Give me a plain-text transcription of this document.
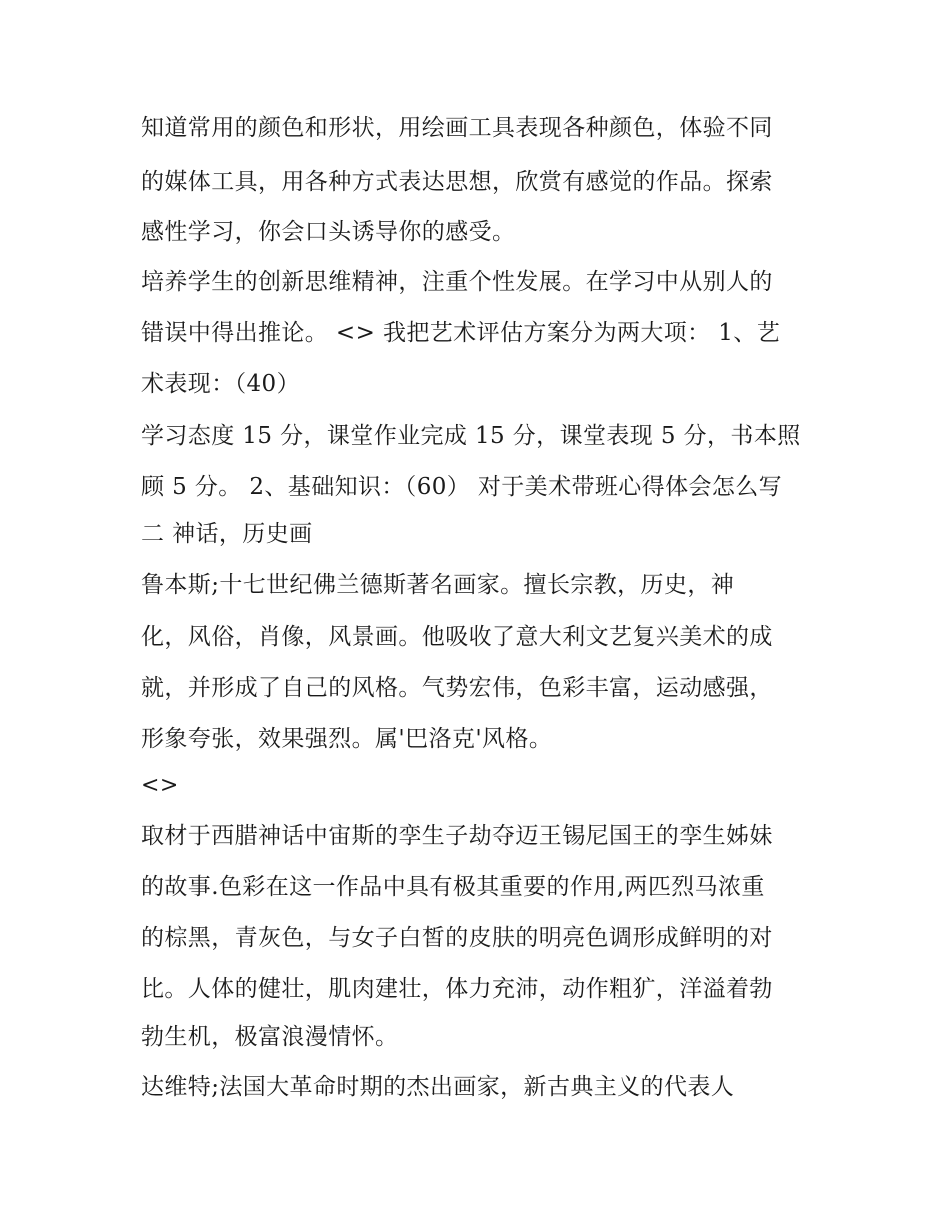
知道常用的颜色和形状，用绘画工具表现各种颜色，体验不同
的媒体工具，用各种方式表达思想，欣赏有感觉的作品。探索
感性学习，你会口头诱导你的感受。
培养学生的创新思维精神，注重个性发展。在学习中从别人的
错误中得出推论。 <> 我把艺术评估方案分为两大项： 1、艺
术表现：（40）
学习态度 15 分，课堂作业完成 15 分，课堂表现 5 分，书本照
顾 5 分。 2、基础知识：（60） 对于美术带班心得体会怎么写
二 神话，历史画
鲁本斯;十七世纪佛兰德斯著名画家。擅长宗教，历史，神
化，风俗，肖像，风景画。他吸收了意大利文艺复兴美术的成
就，并形成了自己的风格。气势宏伟，色彩丰富，运动感强，
形象夸张，效果强烈。属'巴洛克'风格。
<>
取材于西腊神话中宙斯的孪生子劫夺迈王锡尼国王的孪生姊妹
的故事.色彩在这一作品中具有极其重要的作用,两匹烈马浓重
的棕黑，青灰色，与女子白皙的皮肤的明亮色调形成鲜明的对
比。人体的健壮，肌肉建壮，体力充沛，动作粗犷，洋溢着勃
勃生机，极富浪漫情怀。
达维特;法国大革命时期的杰出画家，新古典主义的代表人
